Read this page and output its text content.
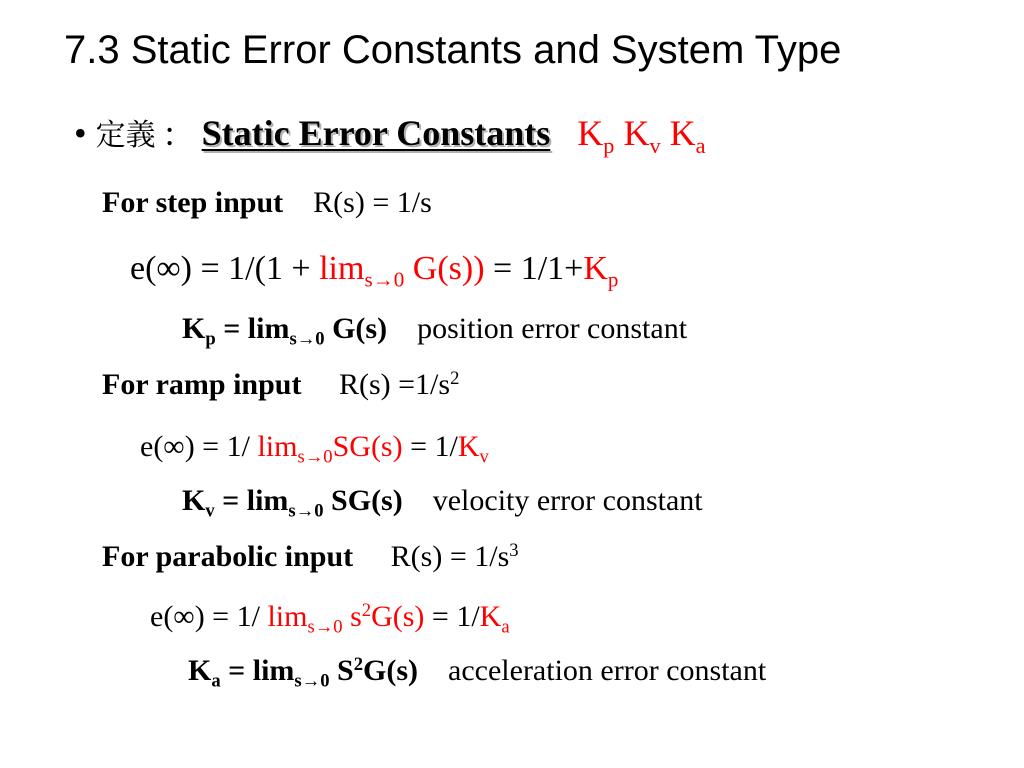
7.3 Static Error Constants and System Type
• 定義 : Static Error Constants $K_p$ $K_v$ $K_a$
For step input R(s) = 1/s
$e(\infty) = 1/(1 + \lim_{s\to 0} G(s)) = 1/1+K_p$
$K_p = \lim_{s\to 0} G(s)$ position error constant
For ramp input $R(s) =1/s^2$
e(∞) = 1/ $\lim_{s\to 0}SG(s) = 1/K_v$
$K_v = \lim_{s\to 0} SG(s)$ velocity error constant
For parabolic input $R(s) = 1/s^3$
e(∞) = 1/ $\lim_{s\to 0} s^2G(s) = 1/K_a$
$K_a = \lim_{s\to 0} S^2G(s)$ acceleration error constant
